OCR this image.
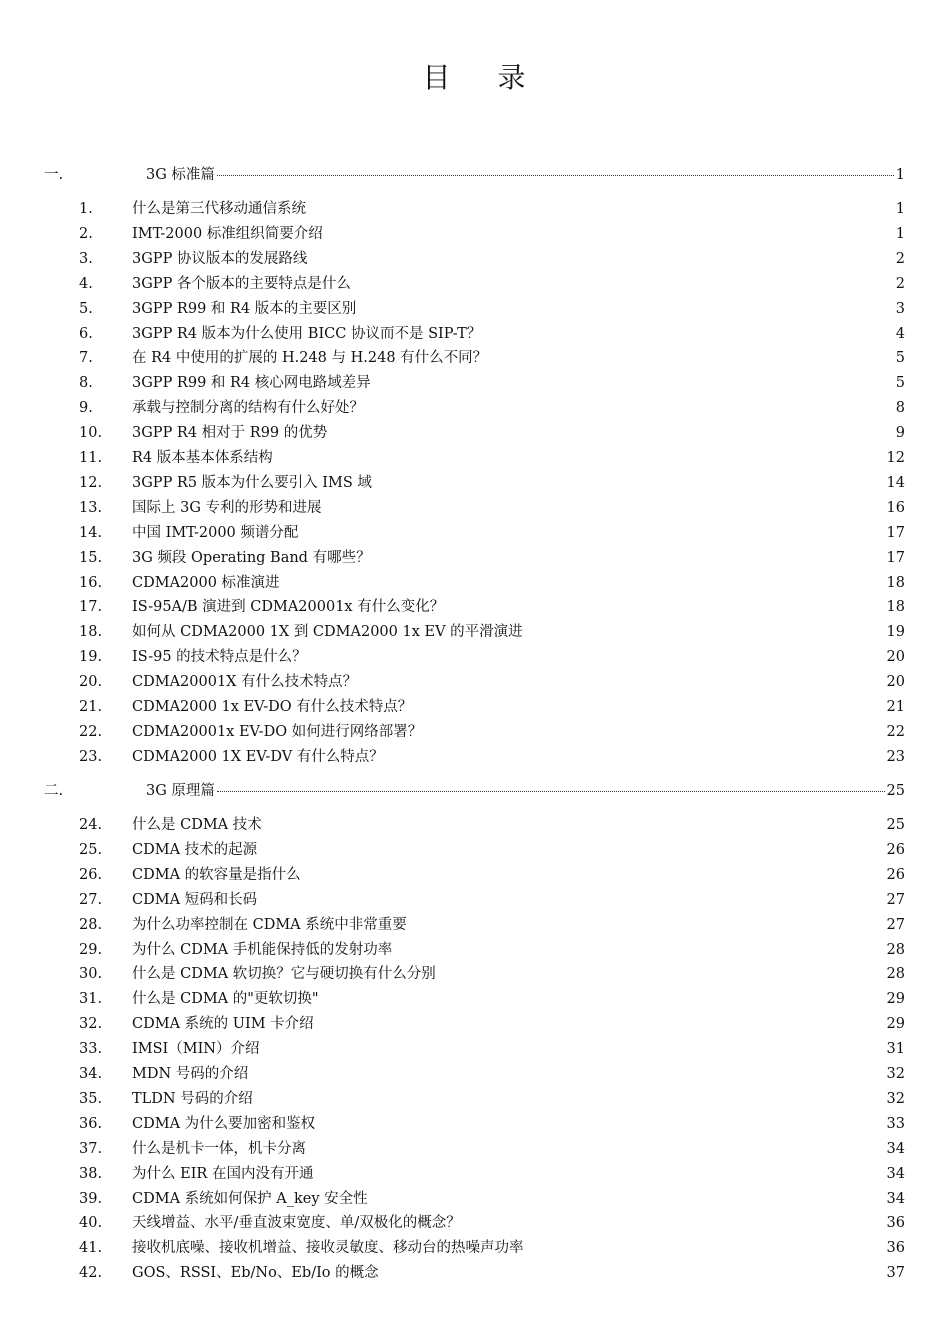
目 录
一.	3G 标准篇	1
1.	什么是第三代移动通信系统	1
2.	IMT-2000 标准组织简要介绍	1
3.	3GPP 协议版本的发展路线	2
4.	3GPP 各个版本的主要特点是什么	2
5.	3GPP R99 和 R4 版本的主要区别	3
6.	3GPP R4 版本为什么使用 BICC 协议而不是 SIP-T？	4
7.	在 R4 中使用的扩展的 H.248 与 H.248 有什么不同？	5
8.	3GPP R99 和 R4 核心网电路域差异	5
9.	承载与控制分离的结构有什么好处？	8
10.	3GPP R4 相对于 R99 的优势	9
11.	R4 版本基本体系结构	12
12.	3GPP R5 版本为什么要引入 IMS 域	14
13.	国际上 3G 专利的形势和进展	16
14.	中国 IMT-2000 频谱分配	17
15.	3G 频段 Operating Band 有哪些？	17
16.	CDMA2000 标准演进	18
17.	IS-95A/B 演进到 CDMA20001x 有什么变化？	18
18.	如何从 CDMA2000 1X 到 CDMA2000 1x EV 的平滑演进	19
19.	IS-95 的技术特点是什么？	20
20.	CDMA20001X 有什么技术特点？	20
21.	CDMA2000 1x EV-DO 有什么技术特点？	21
22.	CDMA20001x EV-DO 如何进行网络部署？	22
23.	CDMA2000 1X EV-DV 有什么特点？	23
二.	3G 原理篇	25
24.	什么是 CDMA 技术	25
25.	CDMA 技术的起源	26
26.	CDMA 的软容量是指什么	26
27.	CDMA 短码和长码	27
28.	为什么功率控制在 CDMA 系统中非常重要	27
29.	为什么 CDMA 手机能保持低的发射功率	28
30.	什么是 CDMA 软切换？它与硬切换有什么分别	28
31.	什么是 CDMA 的"更软切换"	29
32.	CDMA 系统的 UIM 卡介绍	29
33.	IMSI（MIN）介绍	31
34.	MDN 号码的介绍	32
35.	TLDN 号码的介绍	32
36.	CDMA 为什么要加密和鉴权	33
37.	什么是机卡一体，机卡分离	34
38.	为什么 EIR 在国内没有开通	34
39.	CDMA 系统如何保护 A_key 安全性	34
40.	天线增益、水平/垂直波束宽度、单/双极化的概念？	36
41.	接收机底噪、接收机增益、接收灵敏度、移动台的热噪声功率	36
42.	GOS、RSSI、Eb/No、Eb/Io 的概念	37
